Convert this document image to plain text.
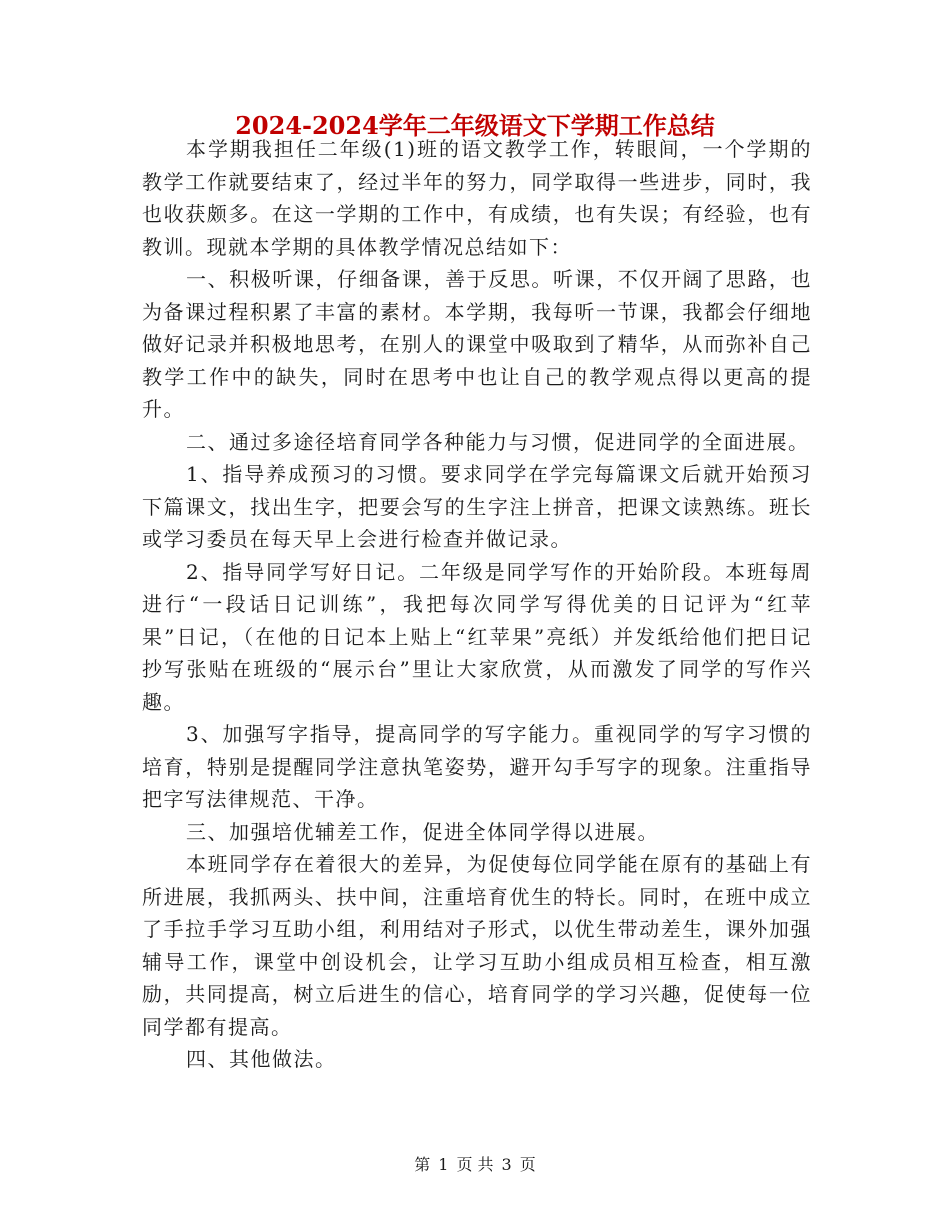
2024-2024学年二年级语文下学期工作总结

本学期我担任二年级(1)班的语文教学工作，转眼间，一个学期的教学工作就要结束了，经过半年的努力，同学取得一些进步，同时，我也收获颇多。在这一学期的工作中，有成绩，也有失误；有经验，也有教训。现就本学期的具体教学情况总结如下：

一、积极听课，仔细备课，善于反思。听课，不仅开阔了思路，也为备课过程积累了丰富的素材。本学期，我每听一节课，我都会仔细地做好记录并积极地思考，在别人的课堂中吸取到了精华，从而弥补自己教学工作中的缺失，同时在思考中也让自己的教学观点得以更高的提升。

二、通过多途径培育同学各种能力与习惯，促进同学的全面进展。

1、指导养成预习的习惯。要求同学在学完每篇课文后就开始预习下篇课文，找出生字，把要会写的生字注上拼音，把课文读熟练。班长或学习委员在每天早上会进行检查并做记录。

2、指导同学写好日记。二年级是同学写作的开始阶段。本班每周进行“一段话日记训练”，我把每次同学写得优美的日记评为“红苹果”日记，（在他的日记本上贴上“红苹果”亮纸）并发纸给他们把日记抄写张贴在班级的“展示台”里让大家欣赏，从而激发了同学的写作兴趣。

3、加强写字指导，提高同学的写字能力。重视同学的写字习惯的培育，特别是提醒同学注意执笔姿势，避开勾手写字的现象。注重指导把字写法律规范、干净。

三、加强培优辅差工作，促进全体同学得以进展。

本班同学存在着很大的差异，为促使每位同学能在原有的基础上有所进展，我抓两头、扶中间，注重培育优生的特长。同时，在班中成立了手拉手学习互助小组，利用结对子形式，以优生带动差生，课外加强辅导工作，课堂中创设机会，让学习互助小组成员相互检查，相互激励，共同提高，树立后进生的信心，培育同学的学习兴趣，促使每一位同学都有提高。

四、其他做法。

第 1 页 共 3 页
